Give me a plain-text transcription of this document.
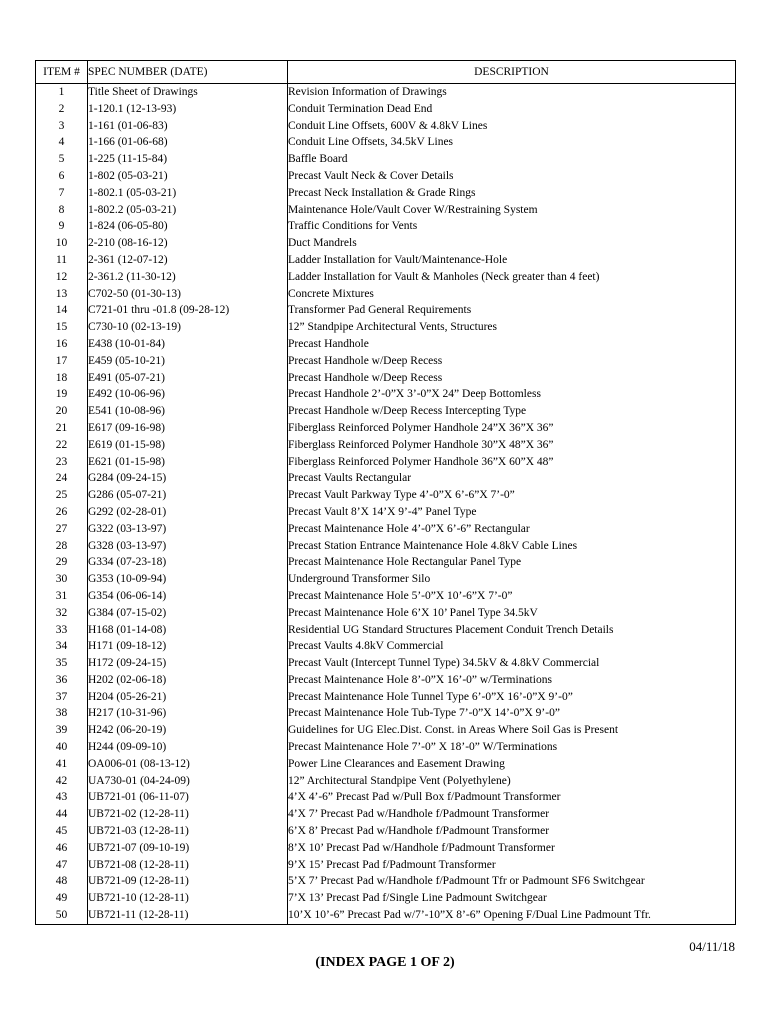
ITEM #	SPEC NUMBER (DATE)	DESCRIPTION
1	Title Sheet of Drawings	Revision Information of Drawings
2	1-120.1 (12-13-93)	Conduit Termination Dead End
3	1-161 (01-06-83)	Conduit Line Offsets, 600V & 4.8kV Lines
4	1-166 (01-06-68)	Conduit Line Offsets, 34.5kV Lines
5	1-225 (11-15-84)	Baffle Board
6	1-802 (05-03-21)	Precast Vault Neck & Cover Details
7	1-802.1 (05-03-21)	Precast Neck Installation & Grade Rings
8	1-802.2 (05-03-21)	Maintenance Hole/Vault Cover W/Restraining System
9	1-824 (06-05-80)	Traffic Conditions for Vents
10	2-210 (08-16-12)	Duct Mandrels
11	2-361 (12-07-12)	Ladder Installation for Vault/Maintenance-Hole
12	2-361.2 (11-30-12)	Ladder Installation for Vault & Manholes (Neck greater than 4 feet)
13	C702-50 (01-30-13)	Concrete Mixtures
14	C721-01 thru -01.8 (09-28-12)	Transformer Pad General Requirements
15	C730-10 (02-13-19)	12” Standpipe Architectural Vents, Structures
16	E438 (10-01-84)	Precast Handhole
17	E459 (05-10-21)	Precast Handhole w/Deep Recess
18	E491 (05-07-21)	Precast Handhole w/Deep Recess
19	E492 (10-06-96)	Precast Handhole 2’-0”X 3’-0”X 24” Deep Bottomless
20	E541 (10-08-96)	Precast Handhole w/Deep Recess Intercepting Type
21	E617 (09-16-98)	Fiberglass Reinforced Polymer Handhole 24”X 36”X 36”
22	E619 (01-15-98)	Fiberglass Reinforced Polymer Handhole 30”X 48”X 36”
23	E621 (01-15-98)	Fiberglass Reinforced Polymer Handhole 36”X 60”X 48”
24	G284 (09-24-15)	Precast Vaults Rectangular
25	G286 (05-07-21)	Precast Vault Parkway Type 4’-0”X 6’-6”X 7’-0”
26	G292 (02-28-01)	Precast Vault 8’X 14’X 9’-4” Panel Type
27	G322 (03-13-97)	Precast Maintenance Hole 4’-0”X 6’-6” Rectangular
28	G328 (03-13-97)	Precast Station Entrance Maintenance Hole 4.8kV Cable Lines
29	G334 (07-23-18)	Precast Maintenance Hole Rectangular Panel Type
30	G353 (10-09-94)	Underground Transformer Silo
31	G354 (06-06-14)	Precast Maintenance Hole 5’-0”X 10’-6”X 7’-0”
32	G384 (07-15-02)	Precast Maintenance Hole 6’X 10’ Panel Type 34.5kV
33	H168 (01-14-08)	Residential UG Standard Structures Placement Conduit Trench Details
34	H171 (09-18-12)	Precast Vaults 4.8kV Commercial
35	H172 (09-24-15)	Precast Vault (Intercept Tunnel Type) 34.5kV & 4.8kV Commercial
36	H202 (02-06-18)	Precast Maintenance Hole 8’-0”X 16’-0” w/Terminations
37	H204 (05-26-21)	Precast Maintenance Hole Tunnel Type 6’-0”X 16’-0”X 9’-0”
38	H217 (10-31-96)	Precast Maintenance Hole Tub-Type 7’-0”X 14’-0”X 9’-0”
39	H242 (06-20-19)	Guidelines for UG Elec.Dist. Const. in Areas Where Soil Gas is Present
40	H244 (09-09-10)	Precast Maintenance Hole 7’-0” X 18’-0” W/Terminations
41	OA006-01 (08-13-12)	Power Line Clearances and Easement Drawing
42	UA730-01 (04-24-09)	12” Architectural Standpipe Vent (Polyethylene)
43	UB721-01 (06-11-07)	4’X 4’-6” Precast Pad w/Pull Box f/Padmount Transformer
44	UB721-02 (12-28-11)	4’X 7’ Precast Pad w/Handhole f/Padmount Transformer
45	UB721-03 (12-28-11)	6’X 8’ Precast Pad w/Handhole f/Padmount Transformer
46	UB721-07 (09-10-19)	8’X 10’ Precast Pad w/Handhole f/Padmount Transformer
47	UB721-08 (12-28-11)	9’X 15’ Precast Pad f/Padmount Transformer
48	UB721-09 (12-28-11)	5’X 7’ Precast Pad w/Handhole f/Padmount Tfr or Padmount SF6 Switchgear
49	UB721-10 (12-28-11)	7’X 13’ Precast Pad f/Single Line Padmount Switchgear
50	UB721-11 (12-28-11)	10’X 10’-6” Precast Pad w/7’-10”X 8’-6” Opening F/Dual Line Padmount Tfr.
04/11/18
(INDEX PAGE 1 OF 2)
